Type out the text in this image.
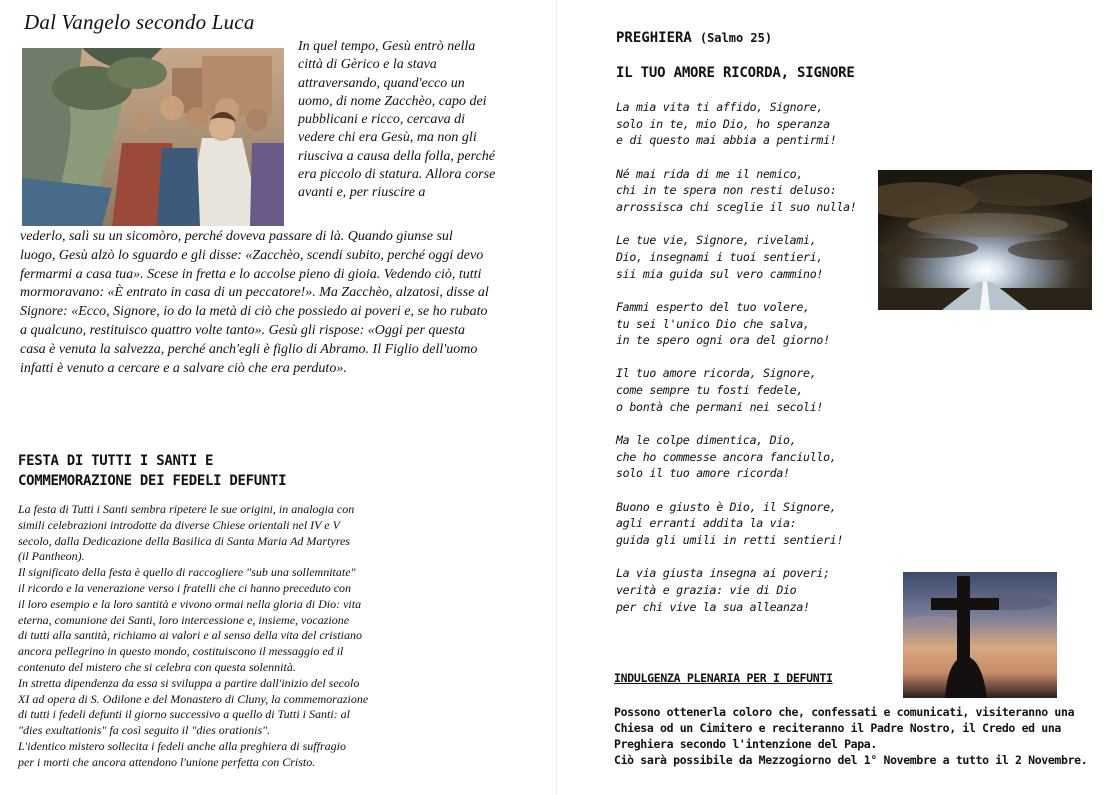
Dal Vangelo secondo Luca

In quel tempo, Gesù entrò nella città di Gèrico e la stava attraversando, quand'ecco un uomo, di nome Zacchèo, capo dei pubblicani e ricco, cercava di vedere chi era Gesù, ma non gli riusciva a causa della folla, perché era piccolo di statura. Allora corse avanti e, per riuscire a

vederlo, salì su un sicomòro, perché doveva passare di là. Quando giunse sul luogo, Gesù alzò lo sguardo e gli disse: «Zacchèo, scendi subito, perché oggi devo fermarmi a casa tua». Scese in fretta e lo accolse pieno di gioia. Vedendo ciò, tutti mormoravano: «È entrato in casa di un peccatore!». Ma Zacchèo, alzatosi, disse al Signore: «Ecco, Signore, io do la metà di ciò che possiedo ai poveri e, se ho rubato a qualcuno, restituisco quattro volte tanto». Gesù gli rispose: «Oggi per questa casa è venuta la salvezza, perché anch'egli è figlio di Abramo. Il Figlio dell'uomo infatti è venuto a cercare e a salvare ciò che era perduto».

FESTA DI TUTTI I SANTI E
COMMEMORAZIONE DEI FEDELI DEFUNTI

La festa di Tutti i Santi sembra ripetere le sue origini, in analogia con
simili celebrazioni introdotte da diverse Chiese orientali nel IV e V
secolo, dalla Dedicazione della Basilica di Santa Maria Ad Martyres
(il Pantheon).
Il significato della festa è quello di raccogliere "sub una sollemnitate"
il ricordo e la venerazione verso i fratelli che ci hanno preceduto con
il loro esempio e la loro santità e vivono ormai nella gloria di Dio: vita
eterna, comunione dei Santi, loro intercessione e, insieme, vocazione
di tutti alla santità, richiamo ai valori e al senso della vita del cristiano
ancora pellegrino in questo mondo, costituiscono il messaggio ed il
contenuto del mistero che si celebra con questa solennità.
In stretta dipendenza da essa si sviluppa a partire dall'inizio del secolo
XI ad opera di S. Odilone e del Monastero di Cluny, la commemorazione
di tutti i fedeli defunti il giorno successivo a quello di Tutti i Santi: al
"dies exultationis" fa così seguito il "dies orationis".
L'identico mistero sollecita i fedeli anche alla preghiera di suffragio
per i morti che ancora attendono l'unione perfetta con Cristo.

PREGHIERA (Salmo 25)
IL TUO AMORE RICORDA, SIGNORE

La mia vita ti affido, Signore,
solo in te, mio Dio, ho speranza
e di questo mai abbia a pentirmi!

Né mai rida di me il nemico,
chi in te spera non resti deluso:
arrossisca chi sceglie il suo nulla!

Le tue vie, Signore, rivelami,
Dio, insegnami i tuoi sentieri,
sii mia guida sul vero cammino!

Fammi esperto del tuo volere,
tu sei l'unico Dio che salva,
in te spero ogni ora del giorno!

Il tuo amore ricorda, Signore,
come sempre tu fosti fedele,
o bontà che permani nei secoli!

Ma le colpe dimentica, Dio,
che ho commesse ancora fanciullo,
solo il tuo amore ricorda!

Buono e giusto è Dio, il Signore,
agli erranti addita la via:
guida gli umili in retti sentieri!

La via giusta insegna ai poveri;
verità e grazia: vie di Dio
per chi vive la sua alleanza!

INDULGENZA PLENARIA PER I DEFUNTI

Possono ottenerla coloro che, confessati e comunicati, visiteranno una
Chiesa od un Cimitero e reciteranno il Padre Nostro, il Credo ed una
Preghiera secondo l'intenzione del Papa.
Ciò sarà possibile da Mezzogiorno del 1° Novembre a tutto il 2 Novembre.
